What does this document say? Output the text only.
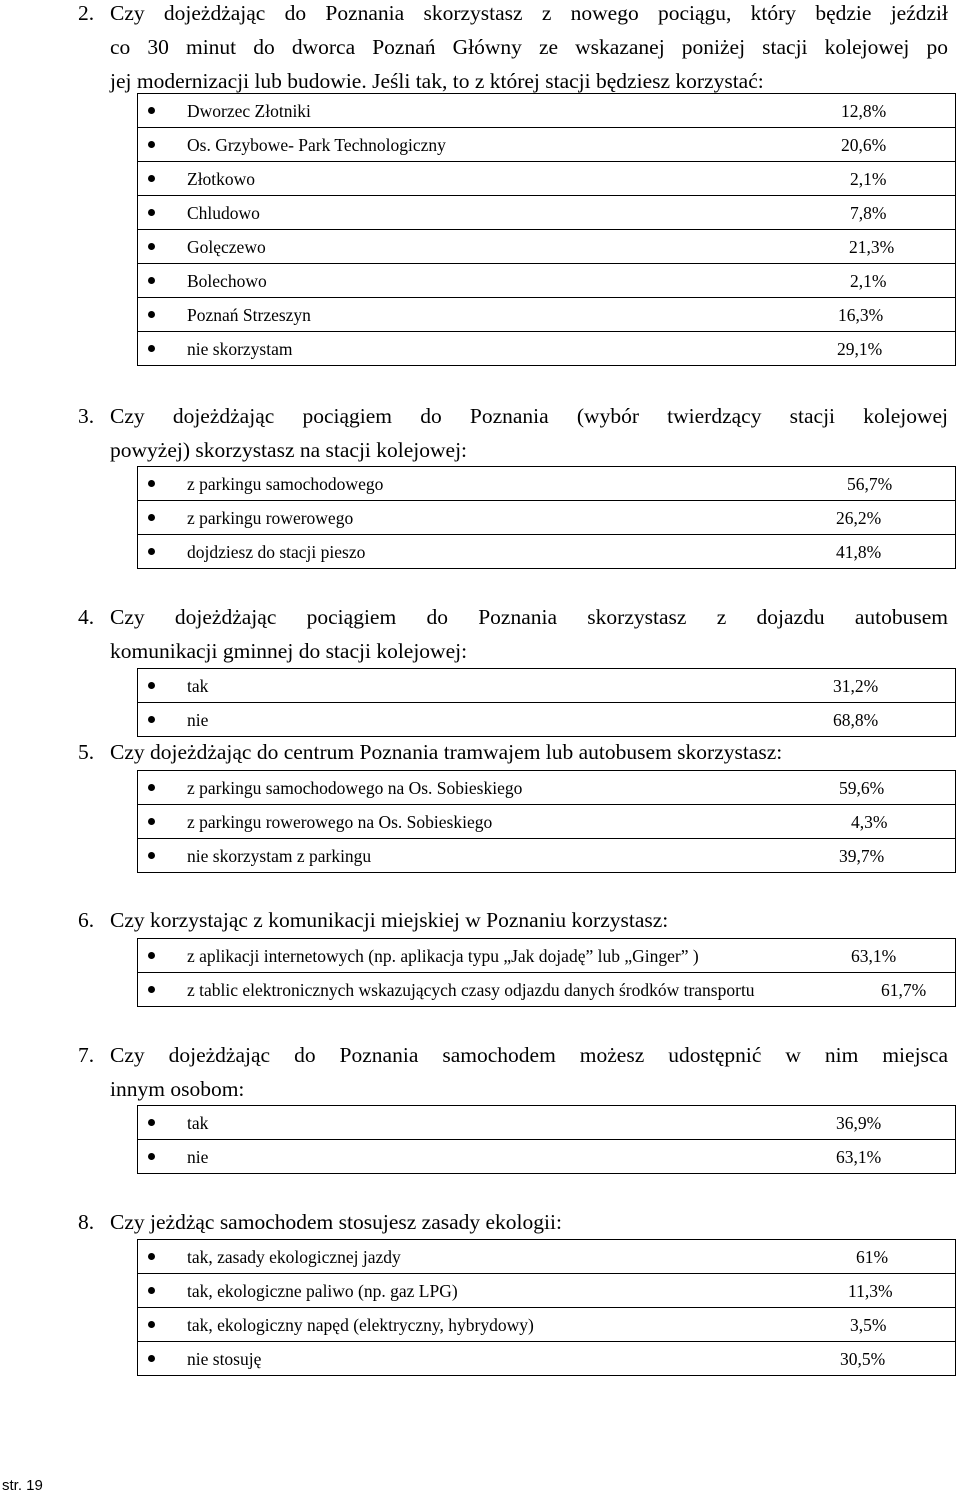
2. Czy dojeżdżając do Poznania skorzystasz z nowego pociągu, który będzie jeździł
co 30 minut do dworca Poznań Główny ze wskazanej poniżej stacji kolejowej po
jej modernizacji lub budowie. Jeśli tak, to z której stacji będziesz korzystać:
Dworzec Złotniki	12,8%

Os. Grzybowe- Park Technologiczny	20,6%

Złotkowo	2,1%

Chludowo	7,8%

Golęczewo	21,3%

Bolechowo	2,1%

Poznań Strzeszyn	16,3%

nie skorzystam	29,1%
3. Czy dojeżdżając pociągiem do Poznania (wybór twierdzący stacji kolejowej
powyżej) skorzystasz na stacji kolejowej:
z parkingu samochodowego	56,7%

z parkingu rowerowego	26,2%

dojdziesz do stacji pieszo	41,8%
4. Czy dojeżdżając pociągiem do Poznania skorzystasz z dojazdu autobusem
komunikacji gminnej do stacji kolejowej:
tak	31,2%

nie	68,8%
5. Czy dojeżdżając do centrum Poznania tramwajem lub autobusem skorzystasz:
z parkingu samochodowego na Os. Sobieskiego	59,6%

z parkingu rowerowego na Os. Sobieskiego	4,3%

nie skorzystam z parkingu	39,7%
6. Czy korzystając z komunikacji miejskiej w Poznaniu korzystasz:
z aplikacji internetowych (np. aplikacja typu „Jak dojadę” lub „Ginger” )	63,1%

z tablic elektronicznych wskazujących czasy odjazdu danych środków transportu	61,7%
7. Czy dojeżdżając do Poznania samochodem możesz udostępnić w nim miejsca
innym osobom:
tak	36,9%

nie	63,1%
8. Czy jeżdżąc samochodem stosujesz zasady ekologii:
tak, zasady ekologicznej jazdy	61%

tak, ekologiczne paliwo (np. gaz LPG)	11,3%

tak, ekologiczny napęd (elektryczny, hybrydowy)	3,5%

nie stosuję	30,5%
str. 19
